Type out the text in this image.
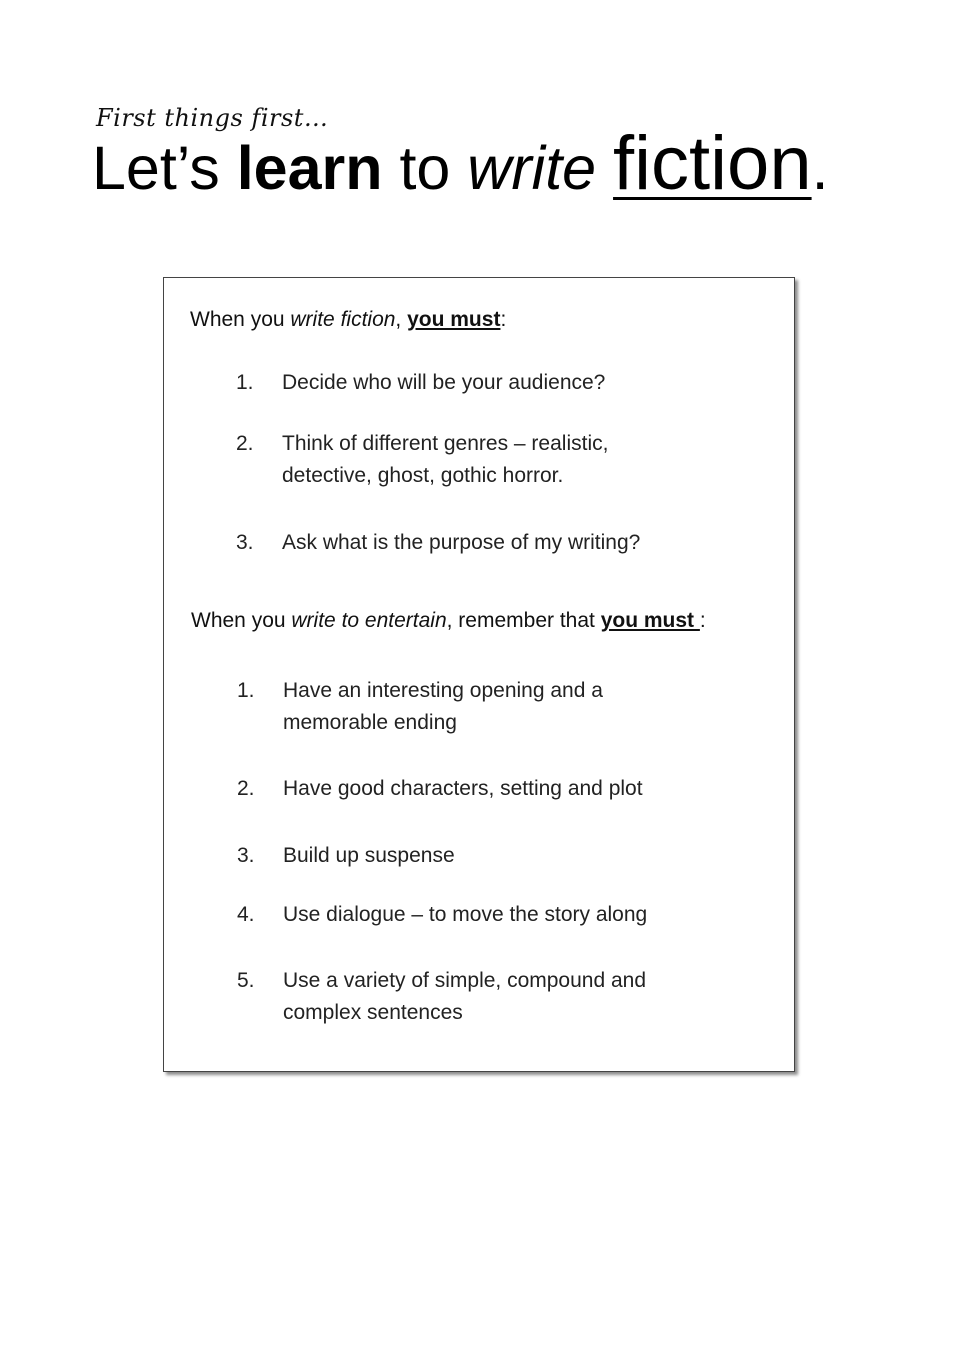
First things first…
Let’s learn to write fiction.
When you write fiction, you must:
1. Decide who will be your audience?
2. Think of different genres – realistic, detective, ghost, gothic horror.
3. Ask what is the purpose of my writing?
When you write to entertain, remember that you must :
1. Have an interesting opening and a memorable ending
2. Have good characters, setting and plot
3. Build up suspense
4. Use dialogue – to move the story along
5. Use a variety of simple, compound and complex sentences
